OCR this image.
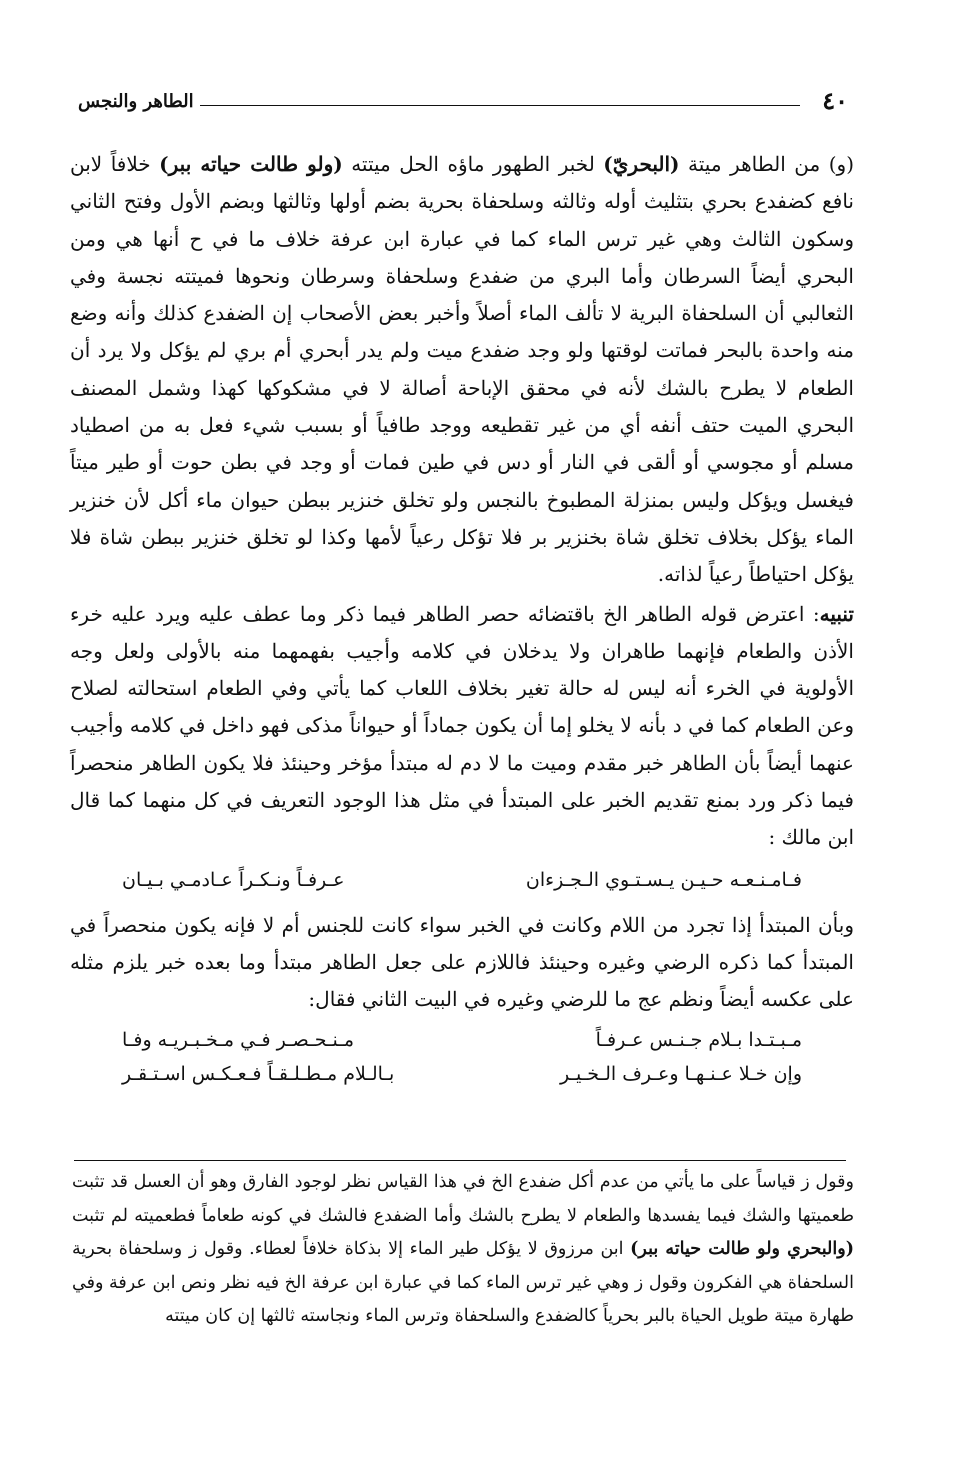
٤٠
الطاهر والنجس

(و) من الطاهر ميتة (البحريّ) لخبر الطهور ماؤه الحل ميتته (ولو طالت حياته ببر) خلافاً لابن نافع كضفدع بحري بتثليث أوله وثالثه وسلحفاة بحرية بضم أولها وثالثها وبضم الأول وفتح الثاني وسكون الثالث وهي غير ترس الماء كما في عبارة ابن عرفة خلاف ما في ح أنها هي ومن البحري أيضاً السرطان وأما البري من ضفدع وسلحفاة وسرطان ونحوها فميتته نجسة وفي الثعالبي أن السلحفاة البرية لا تألف الماء أصلاً وأخبر بعض الأصحاب إن الضفدع كذلك وأنه وضع منه واحدة بالبحر فماتت لوقتها ولو وجد ضفدع ميت ولم يدر أبحري أم بري لم يؤكل ولا يرد أن الطعام لا يطرح بالشك لأنه في محقق الإباحة أصالة لا في مشكوكها كهذا وشمل المصنف البحري الميت حتف أنفه أي من غير تقطيعه ووجد طافياً أو بسبب شيء فعل به من اصطياد مسلم أو مجوسي أو ألقى في النار أو دس في طين فمات أو وجد في بطن حوت أو طير ميتاً فيغسل ويؤكل وليس بمنزلة المطبوخ بالنجس ولو تخلق خنزير ببطن حيوان ماء أكل لأن خنزير الماء يؤكل بخلاف تخلق شاة بخنزير بر فلا تؤكل رعياً لأمها وكذا لو تخلق خنزير ببطن شاة فلا يؤكل احتياطاً رعياً لذاته.

تنبيه: اعترض قوله الطاهر الخ باقتضائه حصر الطاهر فيما ذكر وما عطف عليه ويرد عليه خرء الأذن والطعام فإنهما طاهران ولا يدخلان في كلامه وأجيب بفهمهما منه بالأولى ولعل وجه الأولوية في الخرء أنه ليس له حالة تغير بخلاف اللعاب كما يأتي وفي الطعام استحالته لصلاح وعن الطعام كما في د بأنه لا يخلو إما أن يكون جماداً أو حيواناً مذكى فهو داخل في كلامه وأجيب عنهما أيضاً بأن الطاهر خبر مقدم وميت ما لا دم له مبتدأ مؤخر وحينئذ فلا يكون الطاهر منحصراً فيما ذكر ورد بمنع تقديم الخبر على المبتدأ في مثل هذا الوجود التعريف في كل منهما كما قال ابن مالك :

فـامـنـعـه حـيـن يـسـتـوي الـجـزءان
عـرفـاً ونـكـراً عـادمـي بـيـان

وبأن المبتدأ إذا تجرد من اللام وكانت في الخبر سواء كانت للجنس أم لا فإنه يكون منحصراً في المبتدأ كما ذكره الرضي وغيره وحينئذ فاللازم على جعل الطاهر مبتدأ وما بعده خبر يلزم مثله على عكسه أيضاً ونظم عج ما للرضي وغيره في البيت الثاني فقال:

مـبـتـدا بـلام جـنـس عـرفـاً
مـنـحـصـر فـي مـخـبـريـه وفـا
وإن خـلا عـنـهـا وعـرف الـخـيـر
بـالـلام مـطـلـقـاً فـعـكـس اسـتـقـر

وقول ز قياساً على ما يأتي من عدم أكل ضفدع الخ في هذا القياس نظر لوجود الفارق وهو أن العسل قد تثبت طعميتها والشك فيما يفسدها والطعام لا يطرح بالشك وأما الضفدع فالشك في كونه طعاماً فطعميته لم تثبت (والبحري ولو طالت حياته ببر) ابن مرزوق لا يؤكل طير الماء إلا بذكاة خلافاً لعطاء. وقول ز وسلحفاة بحرية السلحفاة هي الفكرون وقول ز وهي غير ترس الماء كما في عبارة ابن عرفة الخ فيه نظر ونص ابن عرفة وفي طهارة ميتة طويل الحياة بالبر بحرياً كالضفدع والسلحفاة وترس الماء ونجاسته ثالثها إن كان ميتته
